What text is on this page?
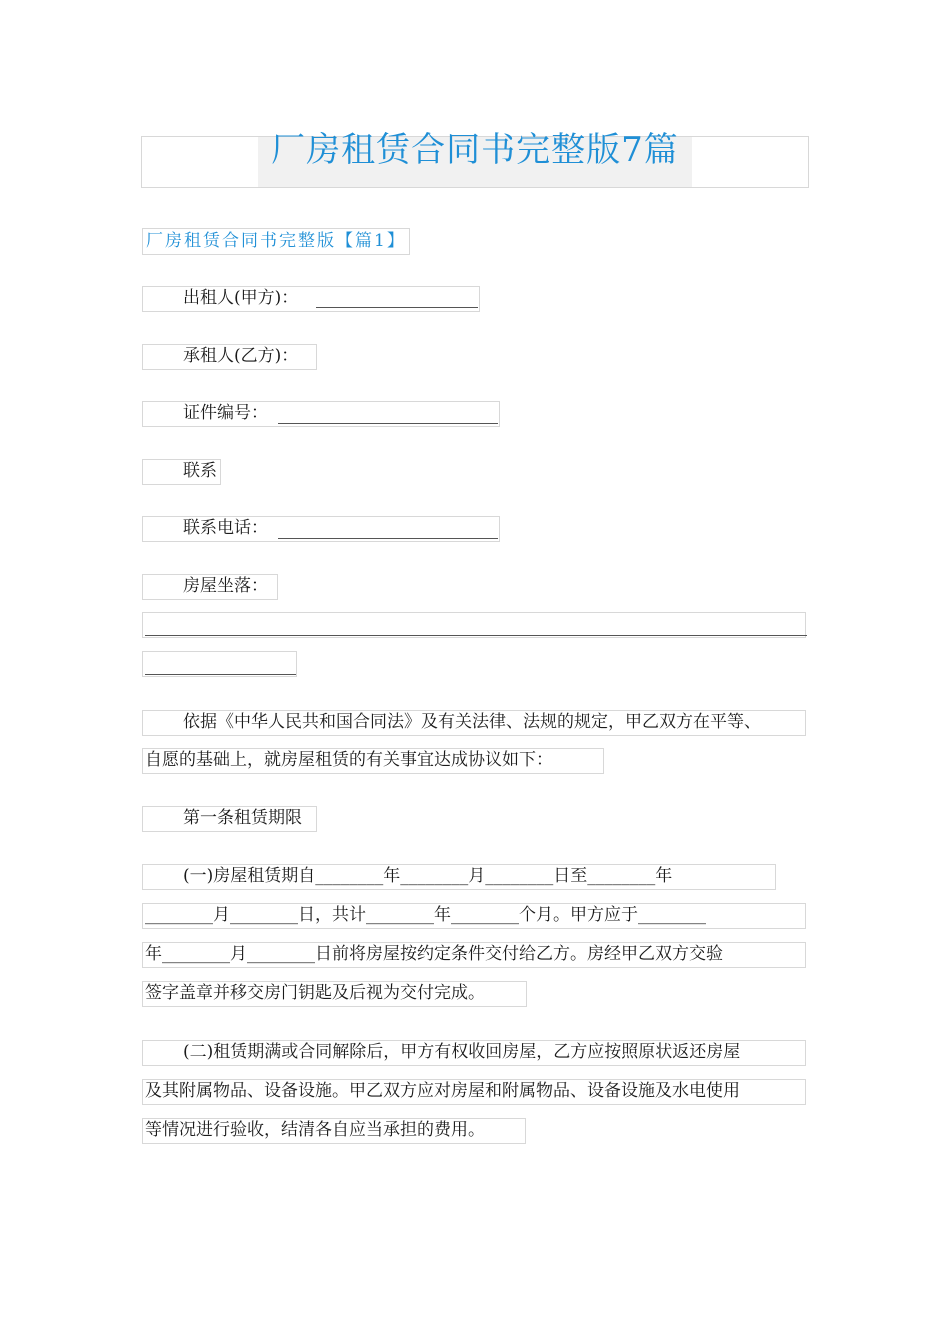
厂房租赁合同书完整版7篇
厂房租赁合同书完整版【篇1】
出租人(甲方)：
承租人(乙方)：
证件编号：
联系
联系电话：
房屋坐落：
依据《中华人民共和国合同法》及有关法律、法规的规定，甲乙双方在平等、
自愿的基础上，就房屋租赁的有关事宜达成协议如下：
第一条租赁期限
(一)房屋租赁期自________年________月________日至________年
________月________日，共计________年________个月。甲方应于________
年________月________日前将房屋按约定条件交付给乙方。房经甲乙双方交验
签字盖章并移交房门钥匙及后视为交付完成。
(二)租赁期满或合同解除后，甲方有权收回房屋，乙方应按照原状返还房屋
及其附属物品、设备设施。甲乙双方应对房屋和附属物品、设备设施及水电使用
等情况进行验收，结清各自应当承担的费用。
